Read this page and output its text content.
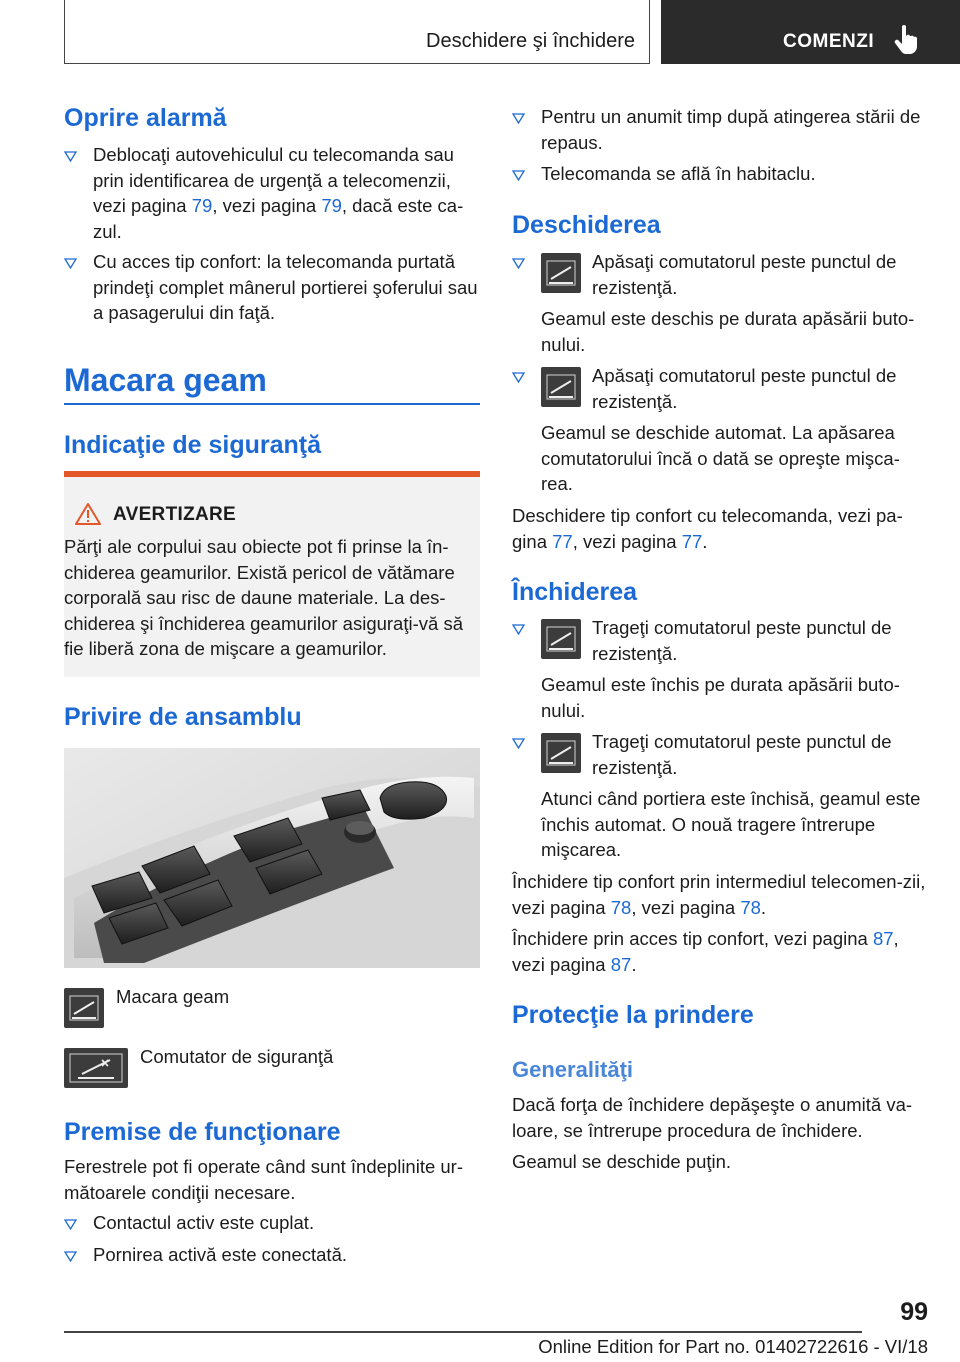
Deschidere şi închidere	COMENZI
Oprire alarmă
Deblocaţi autovehiculul cu telecomanda sau prin identificarea de urgenţă a telecomenzii, vezi pagina 79, vezi pagina 79, dacă este ca‐zul.
Cu acces tip confort: la telecomanda purtată prindeţi complet mânerul portierei şoferului sau a pasagerului din faţă.
Macara geam
Indicaţie de siguranţă
AVERTIZARE
Părţi ale corpului sau obiecte pot fi prinse la în‐chiderea geamurilor. Există pericol de vătămare corporală sau risc de daune materiale. La des‐chiderea şi închiderea geamurilor asiguraţi-vă să fie liberă zona de mişcare a geamurilor.
Privire de ansamblu
Macara geam
Comutator de siguranţă
Premise de funcţionare
Ferestrele pot fi operate când sunt îndeplinite ur‐mătoarele condiţii necesare.
Contactul activ este cuplat.
Pornirea activă este conectată.
Pentru un anumit timp după atingerea stării de repaus.
Telecomanda se află în habitaclu.
Deschiderea
Apăsaţi comutatorul peste punctul de rezistenţă.
Geamul este deschis pe durata apăsării buto‐nului.
Apăsaţi comutatorul peste punctul de rezistenţă.
Geamul se deschide automat. La apăsarea comutatorului încă o dată se opreşte mişca‐rea.
Deschidere tip confort cu telecomanda, vezi pa‐gina 77, vezi pagina 77.
Închiderea
Trageţi comutatorul peste punctul de rezistenţă.
Geamul este închis pe durata apăsării buto‐nului.
Trageţi comutatorul peste punctul de rezistenţă.
Atunci când portiera este închisă, geamul este închis automat. O nouă tragere întrerupe mişcarea.
Închidere tip confort prin intermediul telecomen‐zii, vezi pagina 78, vezi pagina 78.
Închidere prin acces tip confort, vezi pagina 87, vezi pagina 87.
Protecţie la prindere
Generalităţi
Dacă forţa de închidere depăşeşte o anumită va‐loare, se întrerupe procedura de închidere.
Geamul se deschide puţin.
99
Online Edition for Part no. 01402722616 - VI/18
